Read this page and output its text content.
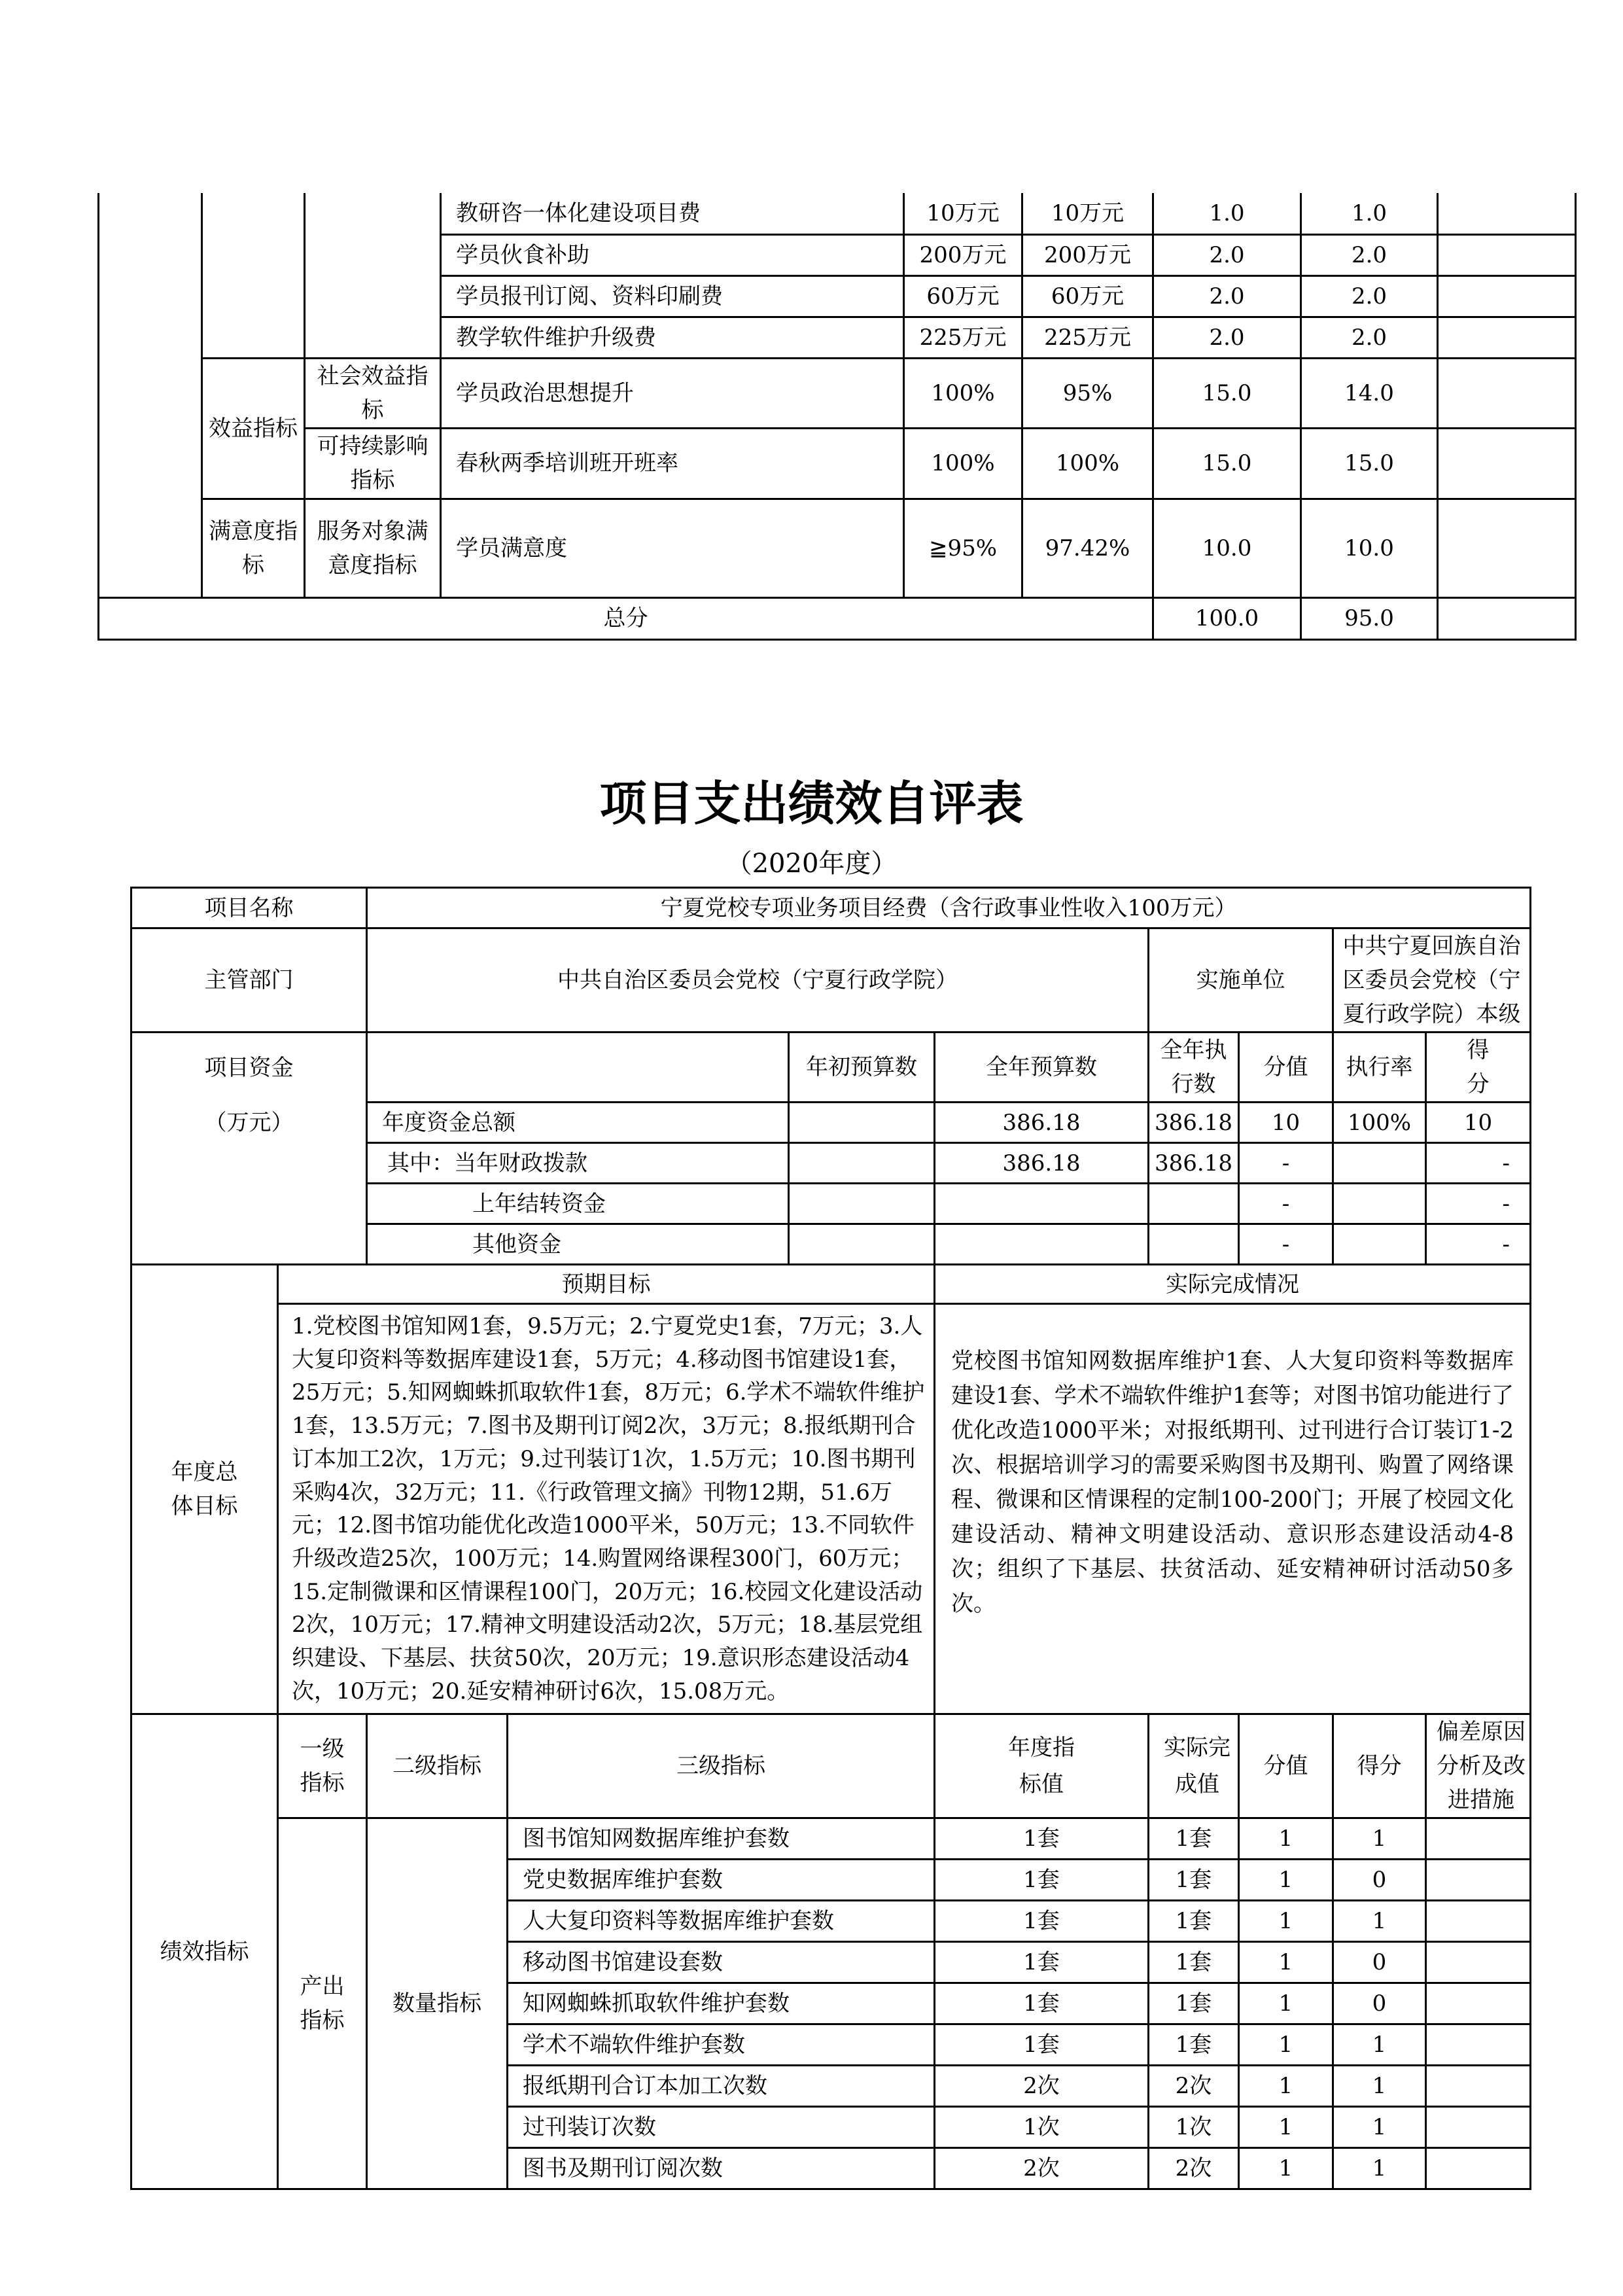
			教研咨一体化建设项目费	10万元	10万元	1.0	1.0	
			学员伙食补助	200万元	200万元	2.0	2.0	
			学员报刊订阅、资料印刷费	60万元	60万元	2.0	2.0	
			教学软件维护升级费	225万元	225万元	2.0	2.0	
	效益指标	社会效益指标	学员政治思想提升	100%	95%	15.0	14.0	
		可持续影响指标	春秋两季培训班开班率	100%	100%	15.0	15.0	
	满意度指标	服务对象满意度指标	学员满意度	≧95%	97.42%	10.0	10.0	
总分						100.0	95.0	
项目支出绩效自评表
（2020年度）
项目名称		宁夏党校专项业务项目经费（含行政事业性收入100万元）							
主管部门		中共自治区委员会党校（宁夏行政学院）				实施单位		中共宁夏回族自治区委员会党校（宁夏行政学院）本级	

项目资金
（万元）				年初预算数	全年预算数	全年执行数	分值	执行率	得分

		年度资金总额			386.18	386.18	10	100%	10
		其中：当年财政拨款			386.18	386.18	-		-
		上年结转资金					-		-
		其他资金					-		-

年度总体目标	预期目标				实际完成情况				
	1.党校图书馆知网1套，9.5万元；2.宁夏党史1套，7万元；3.人大复印资料等数据库建设1套，5万元；4.移动图书馆建设1套，25万元；5.知网蜘蛛抓取软件1套，8万元；6.学术不端软件维护1套，13.5万元；7.图书及期刊订阅2次，3万元；8.报纸期刊合订本加工2次，1万元；9.过刊装订1次，1.5万元；10.图书期刊采购4次，32万元；11.《行政管理文摘》刊物12期，51.6万元；12.图书馆功能优化改造1000平米，50万元；13.不同软件升级改造25次，100万元；14.购置网络课程300门，60万元；15.定制微课和区情课程100门，20万元；16.校园文化建设活动2次，10万元；17.精神文明建设活动2次，5万元；18.基层党组织建设、下基层、扶贫50次，20万元；19.意识形态建设活动4次，10万元；20.延安精神研讨6次，15.08万元。				党校图书馆知网数据库维护1套、人大复印资料等数据库建设1套、学术不端软件维护1套等；对图书馆功能进行了优化改造1000平米；对报纸期刊、过刊进行合订装订1-2次、根据培训学习的需要采购图书及期刊、购置了网络课程、微课和区情课程的定制100-200门；开展了校园文化建设活动、精神文明建设活动、意识形态建设活动4-8次；组织了下基层、扶贫活动、延安精神研讨活动50多次。				
绩效指标	一级指标	二级指标	三级指标		年度指标值	实际完成值	分值	得分	偏差原因分析及改进措施

	产出指标	数量指标	图书馆知网数据库维护套数		1套	1套	1	1	
			党史数据库维护套数		1套	1套	1	0	
			人大复印资料等数据库维护套数		1套	1套	1	1	
			移动图书馆建设套数		1套	1套	1	0	
			知网蜘蛛抓取软件维护套数		1套	1套	1	0	
			学术不端软件维护套数		1套	1套	1	1	
			报纸期刊合订本加工次数		2次	2次	1	1	
			过刊装订次数		1次	1次	1	1	
			图书及期刊订阅次数		2次	2次	1	1	
